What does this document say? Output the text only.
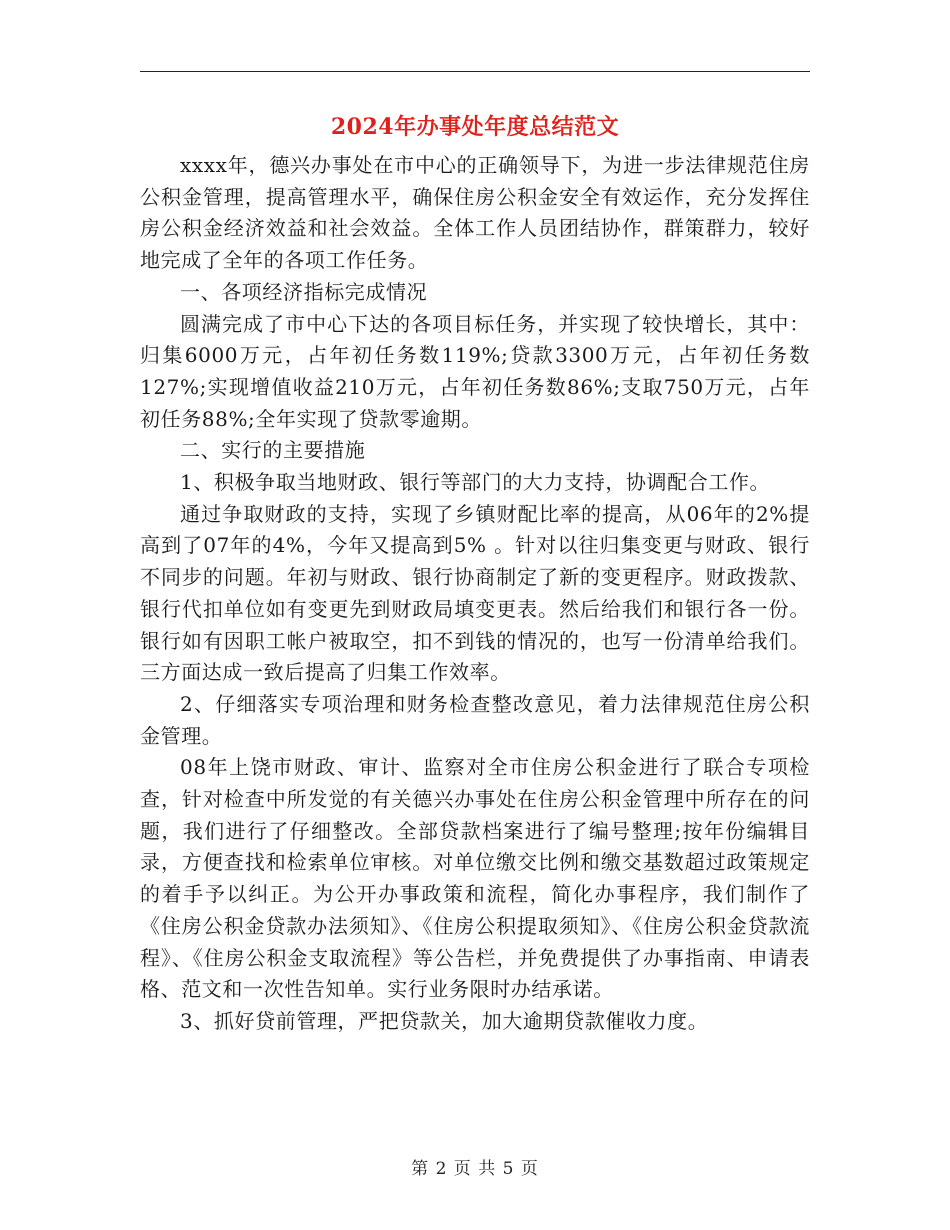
2024年办事处年度总结范文

xxxx年，德兴办事处在市中心的正确领导下，为进一步法律规范住房公积金管理，提高管理水平，确保住房公积金安全有效运作，充分发挥住房公积金经济效益和社会效益。全体工作人员团结协作，群策群力，较好地完成了全年的各项工作任务。

一、各项经济指标完成情况

圆满完成了市中心下达的各项目标任务，并实现了较快增长，其中：归集6000万元，占年初任务数119%;贷款3300万元，占年初任务数127%;实现增值收益210万元，占年初任务数86%;支取750万元，占年初任务88%;全年实现了贷款零逾期。

二、实行的主要措施

1、积极争取当地财政、银行等部门的大力支持，协调配合工作。

通过争取财政的支持，实现了乡镇财配比率的提高，从06年的2%提高到了07年的4%，今年又提高到5% 。针对以往归集变更与财政、银行不同步的问题。年初与财政、银行协商制定了新的变更程序。财政拨款、银行代扣单位如有变更先到财政局填变更表。然后给我们和银行各一份。银行如有因职工帐户被取空，扣不到钱的情况的，也写一份清单给我们。三方面达成一致后提高了归集工作效率。

2、仔细落实专项治理和财务检查整改意见，着力法律规范住房公积金管理。

08年上饶市财政、审计、监察对全市住房公积金进行了联合专项检查，针对检查中所发觉的有关德兴办事处在住房公积金管理中所存在的问题，我们进行了仔细整改。全部贷款档案进行了编号整理;按年份编辑目录，方便查找和检索单位审核。对单位缴交比例和缴交基数超过政策规定的着手予以纠正。为公开办事政策和流程，简化办事程序，我们制作了《住房公积金贷款办法须知》、《住房公积提取须知》、《住房公积金贷款流程》、《住房公积金支取流程》等公告栏，并免费提供了办事指南、申请表格、范文和一次性告知单。实行业务限时办结承诺。

3、抓好贷前管理，严把贷款关，加大逾期贷款催收力度。

第 2 页 共 5 页
